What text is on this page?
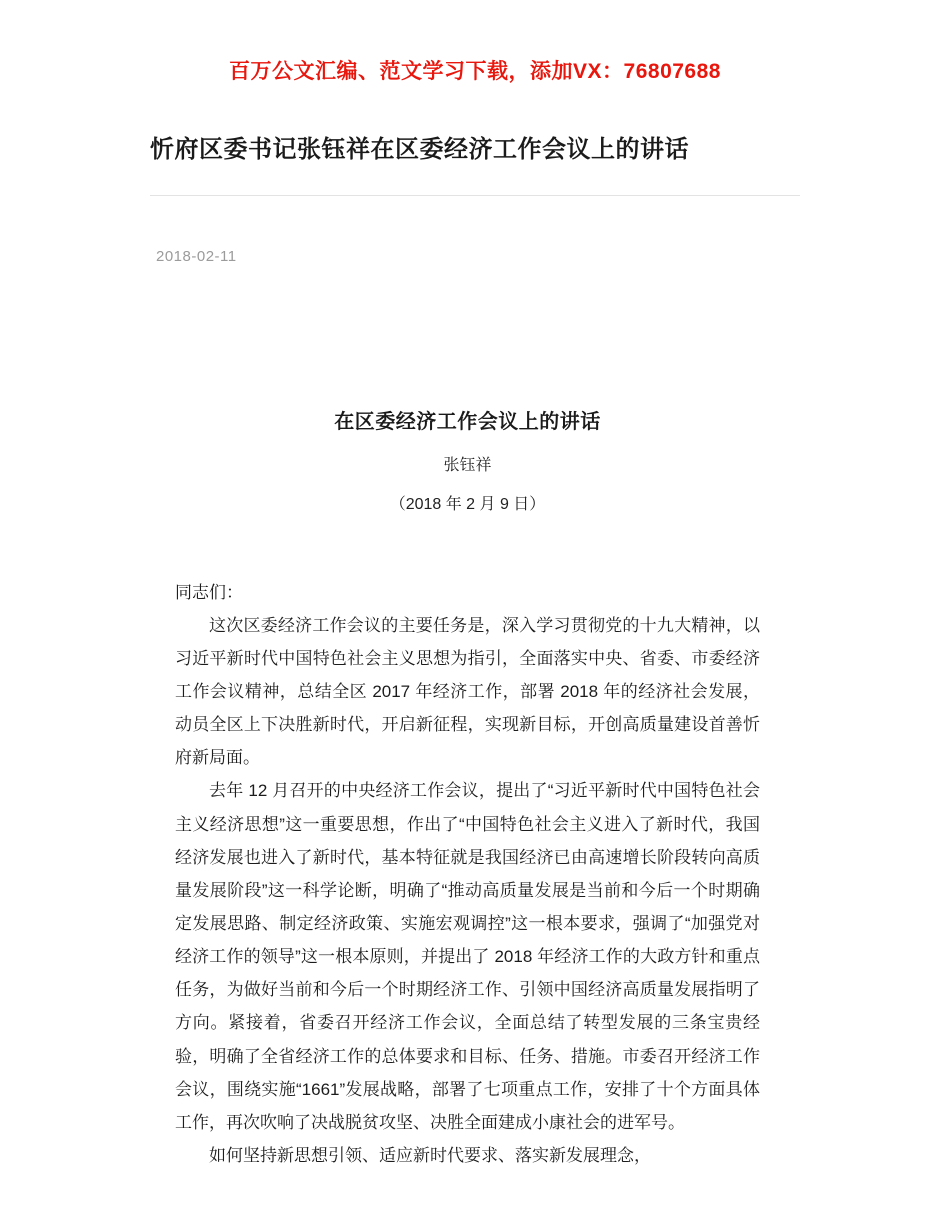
百万公文汇编、范文学习下载，添加VX：76807688
忻府区委书记张钰祥在区委经济工作会议上的讲话
2018-02-11
在区委经济工作会议上的讲话
张钰祥
（2018 年 2 月 9 日）

同志们：

这次区委经济工作会议的主要任务是，深入学习贯彻党的十九大精神，以习近平新时代中国特色社会主义思想为指引，全面落实中央、省委、市委经济工作会议精神，总结全区 2017 年经济工作，部署 2018 年的经济社会发展，动员全区上下决胜新时代，开启新征程，实现新目标，开创高质量建设首善忻府新局面。

去年 12 月召开的中央经济工作会议，提出了“习近平新时代中国特色社会主义经济思想”这一重要思想，作出了“中国特色社会主义进入了新时代，我国经济发展也进入了新时代，基本特征就是我国经济已由高速增长阶段转向高质量发展阶段”这一科学论断，明确了“推动高质量发展是当前和今后一个时期确定发展思路、制定经济政策、实施宏观调控”这一根本要求，强调了“加强党对经济工作的领导”这一根本原则，并提出了 2018 年经济工作的大政方针和重点任务，为做好当前和今后一个时期经济工作、引领中国经济高质量发展指明了方向。紧接着，省委召开经济工作会议，全面总结了转型发展的三条宝贵经验，明确了全省经济工作的总体要求和目标、任务、措施。市委召开经济工作会议，围绕实施“1661”发展战略，部署了七项重点工作，安排了十个方面具体工作，再次吹响了决战脱贫攻坚、决胜全面建成小康社会的进军号。

如何坚持新思想引领、适应新时代要求、落实新发展理念，
